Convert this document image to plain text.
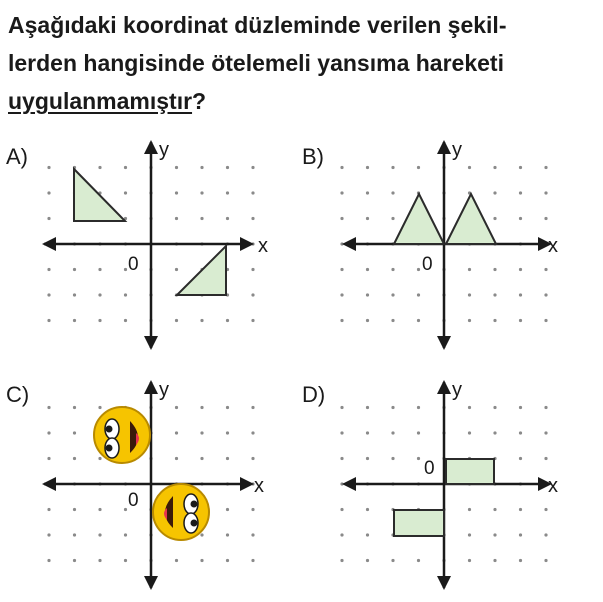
Aşağıdaki koordinat düzleminde verilen şekil-
lerden hangisinde ötelemeli yansıma hareketi
uygulanmamıştır?

A)	B)
C)	D)
x
y
0
x
y
0
x
y
0
x
y
0
